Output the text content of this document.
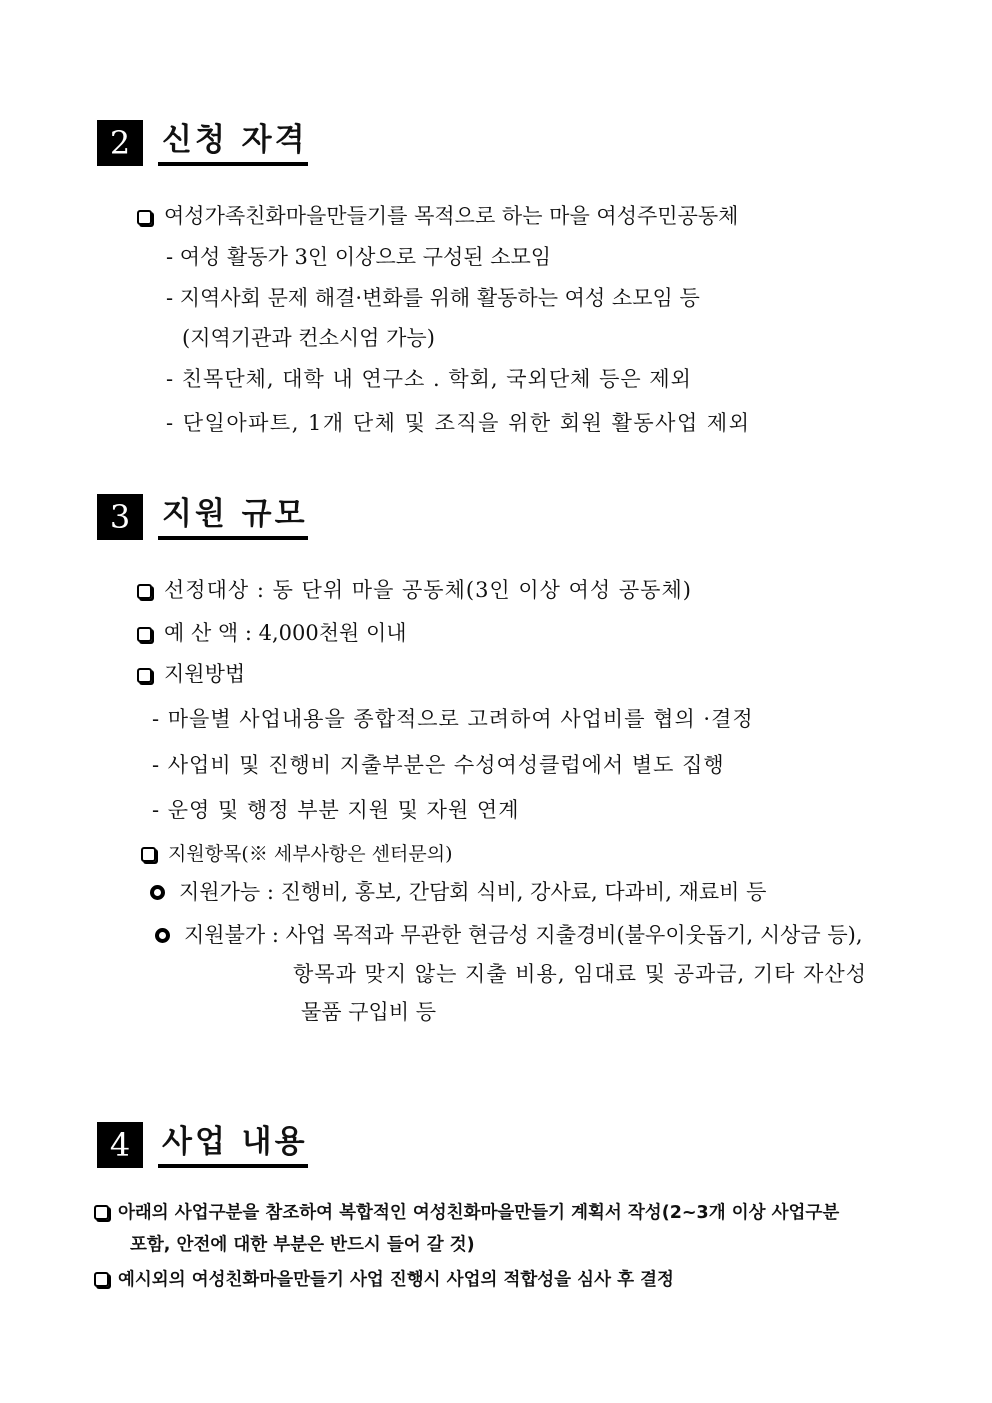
2	신청 자격
여성가족친화마을만들기를 목적으로 하는 마을 여성주민공동체
- 여성 활동가 3인 이상으로 구성된 소모임
- 지역사회 문제 해결·변화를 위해 활동하는 여성 소모임 등
(지역기관과 컨소시엄 가능)
- 친목단체, 대학 내 연구소 . 학회, 국외단체 등은 제외
- 단일아파트, 1개 단체 및 조직을 위한 회원 활동사업 제외
3	지원 규모
선정대상 : 동 단위 마을 공동체(3인 이상 여성 공동체)
예 산 액 : 4,000천원 이내
지원방법
- 마을별 사업내용을 종합적으로 고려하여 사업비를 협의 ·결정
- 사업비 및 진행비 지출부분은 수성여성클럽에서 별도 집행
- 운영 및 행정 부분 지원 및 자원 연계
지원항목(※ 세부사항은 센터문의)
지원가능 : 진행비, 홍보, 간담회 식비, 강사료, 다과비, 재료비 등
지원불가 : 사업 목적과 무관한 현금성 지출경비(불우이웃돕기, 시상금 등),
항목과 맞지 않는 지출 비용, 임대료 및 공과금, 기타 자산성
물품 구입비 등
4	사업 내용
아래의 사업구분을 참조하여 복합적인 여성친화마을만들기 계획서 작성(2~3개 이상 사업구분
포함, 안전에 대한 부분은 반드시 들어 갈 것)
예시외의 여성친화마을만들기 사업 진행시 사업의 적합성을 심사 후 결정
